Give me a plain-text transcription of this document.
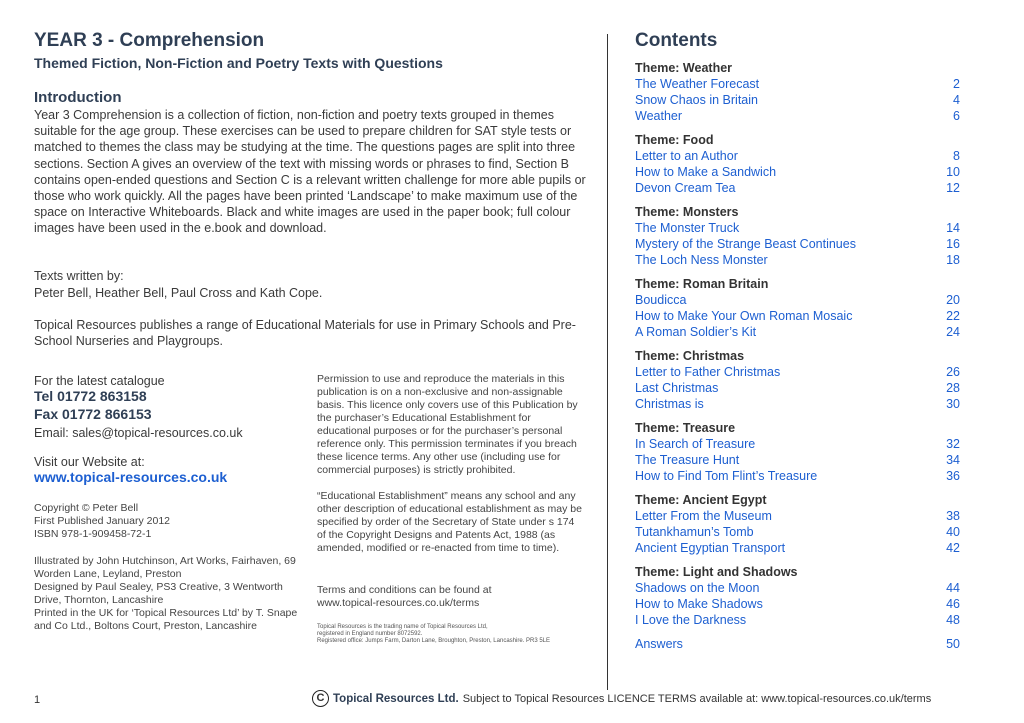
YEAR 3 - Comprehension
Themed Fiction, Non-Fiction and Poetry Texts with Questions
Introduction

Year 3 Comprehension is a collection of fiction, non-fiction and poetry texts grouped in themes suitable for the age group. These exercises can be used to prepare children for SAT style tests or matched to themes the class may be studying at the time. The questions pages are split into three sections. Section A gives an overview of the text with missing words or phrases to find, Section B contains open-ended questions and Section C is a relevant written challenge for more able pupils or those who work quickly. All the pages have been printed ‘Landscape’ to make maximum use of the space on Interactive Whiteboards. Black and white images are used in the paper book; full colour images have been used in the e.book and download.

Texts written by:

Peter Bell, Heather Bell, Paul Cross and Kath Cope.

Topical Resources publishes a range of Educational Materials for use in Primary Schools and Pre-School Nurseries and Playgroups.

For the latest catalogue

Tel 01772 863158
Fax 01772 866153

Email: sales@topical-resources.co.uk

Visit our Website at:

www.topical-resources.co.uk

Copyright © Peter Bell

First Published January 2012

ISBN 978-1-909458-72-1

Illustrated by John Hutchinson, Art Works, Fairhaven, 69 Worden Lane, Leyland, Preston

Designed by Paul Sealey, PS3 Creative, 3 Wentworth Drive, Thornton, Lancashire

Printed in the UK for ‘Topical Resources Ltd’ by T. Snape and Co Ltd., Boltons Court, Preston, Lancashire

Permission to use and reproduce the materials in this publication is on a non-exclusive and non-assignable basis. This licence only covers use of this Publication by the purchaser’s Educational Establishment for educational purposes or for the purchaser’s personal reference only. This permission terminates if you breach these licence terms. Any other use (including use for commercial purposes) is strictly prohibited.

“Educational Establishment” means any school and any other description of educational establishment as may be specified by order of the Secretary of State under s 174 of the Copyright Designs and Patents Act, 1988 (as amended, modified or re-enacted from time to time).

Terms and conditions can be found at

www.topical-resources.co.uk/terms

Topical Resources is the trading name of Topical Resources Ltd,

registered in England number 8072592.

Registered office: Jumps Farm, Darton Lane, Broughton, Preston, Lancashire. PR3 5LE

Contents
Theme: Weather
The Weather Forecast	2
Snow Chaos in Britain	4
Weather	6
Theme: Food
Letter to an Author	8
How to Make a Sandwich	10
Devon Cream Tea	12
Theme: Monsters
The Monster Truck	14
Mystery of the Strange Beast Continues	16
The Loch Ness Monster	18
Theme: Roman Britain
Boudicca	20
How to Make Your Own Roman Mosaic	22
A Roman Soldier’s Kit	24
Theme: Christmas
Letter to Father Christmas	26
Last Christmas	28
Christmas is	30
Theme: Treasure
In Search of Treasure	32
The Treasure Hunt	34
How to Find Tom Flint’s Treasure	36
Theme: Ancient Egypt
Letter From the Museum	38
Tutankhamun’s Tomb	40
Ancient Egyptian Transport	42
Theme: Light and Shadows
Shadows on the Moon	44
How to Make Shadows	46
I Love the Darkness	48
Answers	50
1	C Topical Resources Ltd. Subject to Topical Resources LICENCE TERMS available at: www.topical-resources.co.uk/terms
